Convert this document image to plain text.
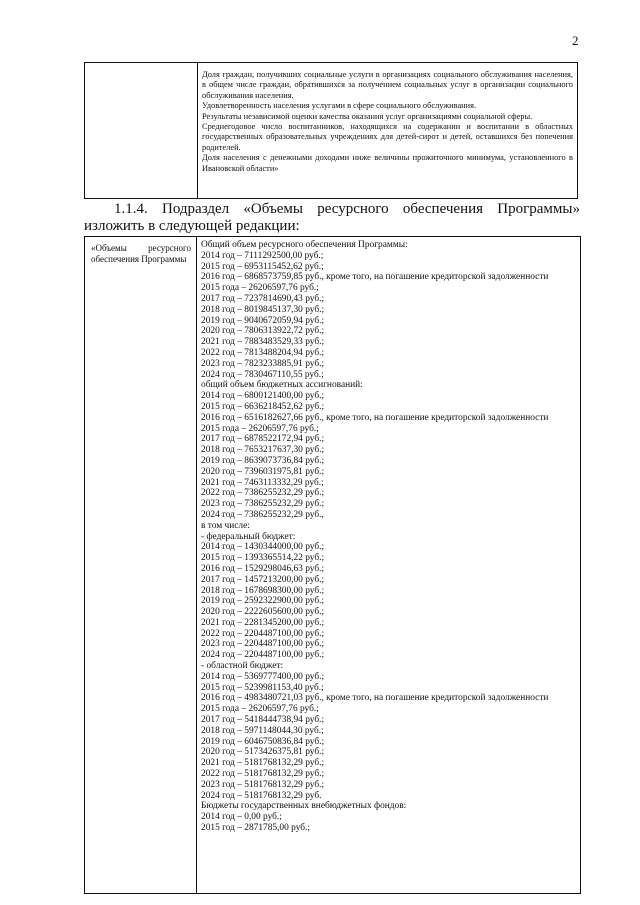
2

Доля граждан, получивших социальные услуги в организациях социального обслуживания населения, в общем числе граждан, обратившихся за получением социальных услуг в организации социального обслуживания населения.

Удовлетворенность населения услугами в сфере социального обслуживания.

Результаты независимой оценки качества оказания услуг организациями социальной сферы.

Среднегодовое число воспитанников, находящихся на содержании и воспитании в областных государственных образовательных учреждениях для детей-сирот и детей, оставшихся без попечения родителей.

Доля населения с денежными доходами ниже величины прожиточного минимума, установленного в Ивановской области»

1.1.4. Подраздел «Объемы ресурсного обеспечения Программы»
изложить в следующей редакции:
«Объемы ресурсного обеспечения Программы
Общий объем ресурсного обеспечения Программы:
2014 год – 7111292500,00 руб.;
2015 год – 6953115452,62 руб.;
2016 год – 6868573759,85 руб., кроме того, на погашение кредиторской задолженности
2015 года – 26206597,76 руб.;
2017 год – 7237814690,43 руб.;
2018 год – 8019845137,30 руб.;
2019 год – 9040672059,94 руб.;
2020 год – 7806313922,72 руб.;
2021 год – 7883483529,33 руб.;
2022 год – 7813488204,94 руб.;
2023 год – 7823233885,91 руб.;
2024 год – 7830467110,55 руб.;
общий объем бюджетных ассигнований:
2014 год – 6800121400,00 руб.;
2015 год – 6636218452,62 руб.;
2016 год – 6516182627,66 руб., кроме того, на погашение кредиторской задолженности
2015 года – 26206597,76 руб.;
2017 год – 6878522172,94 руб.;
2018 год – 7653217637,30 руб.;
2019 год – 8639073736,84 руб.;
2020 год – 7396031975,81 руб.;
2021 год – 7463113332,29 руб.;
2022 год – 7386255232,29 руб.;
2023 год – 7386255232,29 руб.;
2024 год – 7386255232,29 руб.,
в том числе:
- федеральный бюджет:
2014 год – 1430344000,00 руб.;
2015 год – 1393365514,22 руб.;
2016 год – 1529298046,63 руб.;
2017 год – 1457213200,00 руб.;
2018 год – 1678698300,00 руб.;
2019 год – 2592322900,00 руб.;
2020 год – 2222605600,00 руб.;
2021 год – 2281345200,00 руб.;
2022 год – 2204487100,00 руб.;
2023 год – 2204487100,00 руб.;
2024 год – 2204487100,00 руб.;
- областной бюджет:
2014 год – 5369777400,00 руб.;
2015 год – 5239981153,40 руб.;
2016 год – 4983480721,03 руб., кроме того, на погашение кредиторской задолженности
2015 года – 26206597,76 руб.;
2017 год – 5418444738,94 руб.;
2018 год – 5971148044,30 руб.;
2019 год – 6046750836,84 руб.;
2020 год – 5173426375,81 руб.;
2021 год – 5181768132,29 руб.;
2022 год – 5181768132,29 руб.;
2023 год – 5181768132,29 руб.;
2024 год – 5181768132,29 руб.
Бюджеты государственных внебюджетных фондов:
2014 год – 0,00 руб.;
2015 год – 2871785,00 руб.;
